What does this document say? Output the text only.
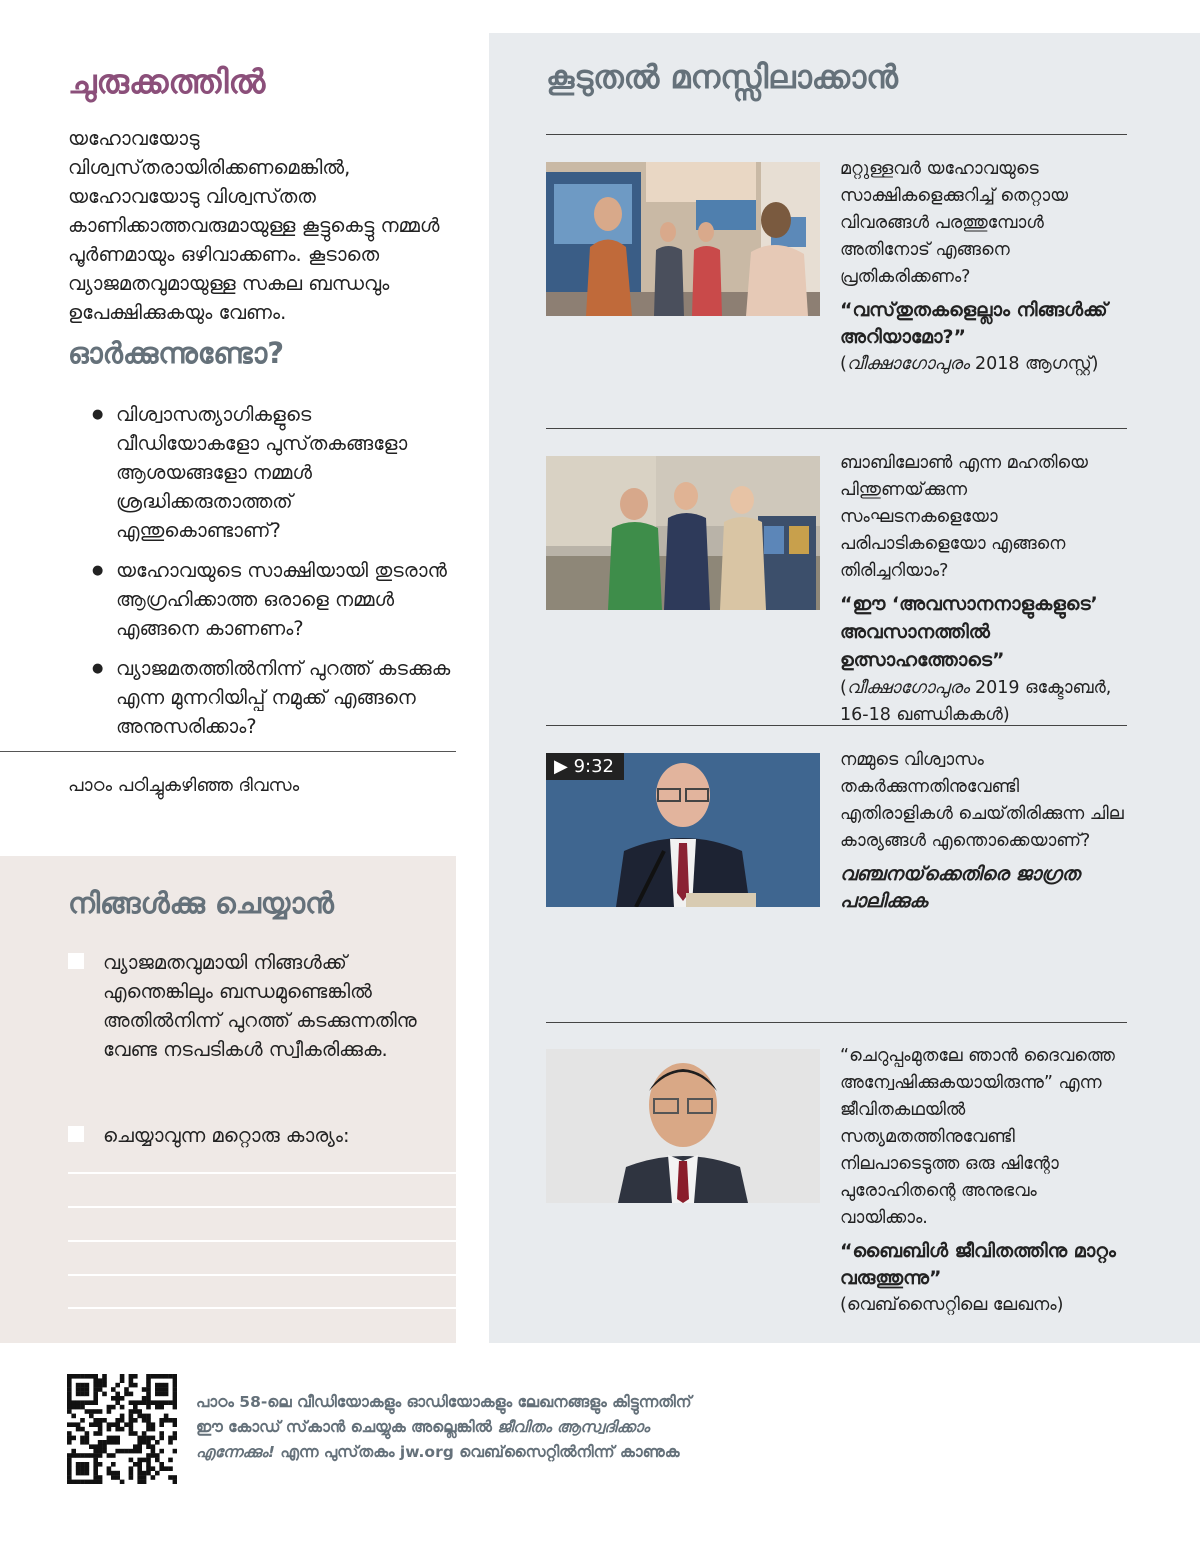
ചുരുക്കത്തിൽ
യഹോവയോടു വിശ്വസ്‌തരായിരിക്കണമെങ്കിൽ, യഹോവയോടു വിശ്വസ്‌തത കാണിക്കാത്തവരുമായുള്ള കൂട്ടുകെട്ടു നമ്മൾ പൂർണമായും ഒഴിവാക്കണം. കൂടാതെ വ്യാജമതവുമായുള്ള സകല ബന്ധവും ഉപേക്ഷിക്കുകയും വേണം.
ഓർക്കുന്നുണ്ടോ?
● വിശ്വാസത്യാഗികളുടെ വീഡിയോകളോ പുസ്‌തകങ്ങളോ ആശയങ്ങളോ നമ്മൾ ശ്രദ്ധിക്കരുതാത്തത്‌ എന്തുകൊണ്ടാണ്‌?
● യഹോവയുടെ സാക്ഷിയായി തുടരാൻ ആഗ്രഹിക്കാത്ത ഒരാളെ നമ്മൾ എങ്ങനെ കാണണം?
● വ്യാജമതത്തിൽനിന്ന്‌ പുറത്ത്‌ കടക്കുക എന്ന മുന്നറിയിപ്പ്‌ നമുക്ക്‌ എങ്ങനെ അനുസരിക്കാം?
പാഠം പഠിച്ചുകഴിഞ്ഞ ദിവസം
നിങ്ങൾക്കു ചെയ്യാൻ
വ്യാജമതവുമായി നിങ്ങൾക്ക്‌ എന്തെങ്കിലും ബന്ധമുണ്ടെങ്കിൽ അതിൽനിന്ന്‌ പുറത്ത്‌ കടക്കുന്നതിനു വേണ്ട നടപടികൾ സ്വീകരിക്കുക.
ചെയ്യാവുന്ന മറ്റൊരു കാര്യം:
കൂടുതൽ മനസ്സിലാക്കാൻ
മറ്റുള്ളവർ യഹോവയുടെ സാക്ഷികളെക്കുറിച്ച്‌ തെറ്റായ വിവരങ്ങൾ പരത്തുമ്പോൾ അതിനോട്‌ എങ്ങനെ പ്രതികരിക്കണം?
“വസ്‌തുതകളെല്ലാം നിങ്ങൾക്ക്‌ അറിയാമോ?”
(വീക്ഷാഗോപുരം 2018 ആഗസ്റ്റ്‌)
ബാബിലോൺ എന്ന മഹതിയെ പിന്തുണയ്‌ക്കുന്ന സംഘടനകളെയോ പരിപാടികളെയോ എങ്ങനെ തിരിച്ചറിയാം?
“ഈ ‘അവസാനനാളുകളുടെ’ അവസാനത്തിൽ ഉത്സാഹത്തോടെ” (വീക്ഷാഗോപുരം 2019 ഒക്ടോബർ, 16-18 ഖണ്ഡികകൾ)
▶ 9:32	നമ്മുടെ വിശ്വാസം തകർക്കുന്നതിനുവേണ്ടി എതിരാളികൾ ചെയ്‌തിരിക്കുന്ന ചില കാര്യങ്ങൾ എന്തൊക്കെയാണ്‌?
വഞ്ചനയ്‌ക്കെതിരെ ജാഗ്രത പാലിക്കുക
“ചെറുപ്പംമുതലേ ഞാൻ ദൈവത്തെ അന്വേഷിക്കുകയായിരുന്നു” എന്ന ജീവിതകഥയിൽ സത്യമതത്തിനുവേണ്ടി നിലപാടെടുത്ത ഒരു ഷിന്റോ പുരോഹിതന്റെ അനുഭവം വായിക്കാം.
“ബൈബിൾ ജീവിതത്തിനു മാറ്റം വരുത്തുന്നു”
(വെബ്‌സൈറ്റിലെ ലേഖനം)
പാഠം 58-ലെ വീഡിയോകളും ഓഡിയോകളും ലേഖനങ്ങളും കിട്ടുന്നതിന്‌ ഈ കോഡ്‌ സ്‌കാൻ ചെയ്യുക അല്ലെങ്കിൽ ജീവിതം ആസ്വദിക്കാം എന്നേക്കും! എന്ന പുസ്‌തകം jw.org വെബ്‌സൈറ്റിൽനിന്ന്‌ കാണുക
